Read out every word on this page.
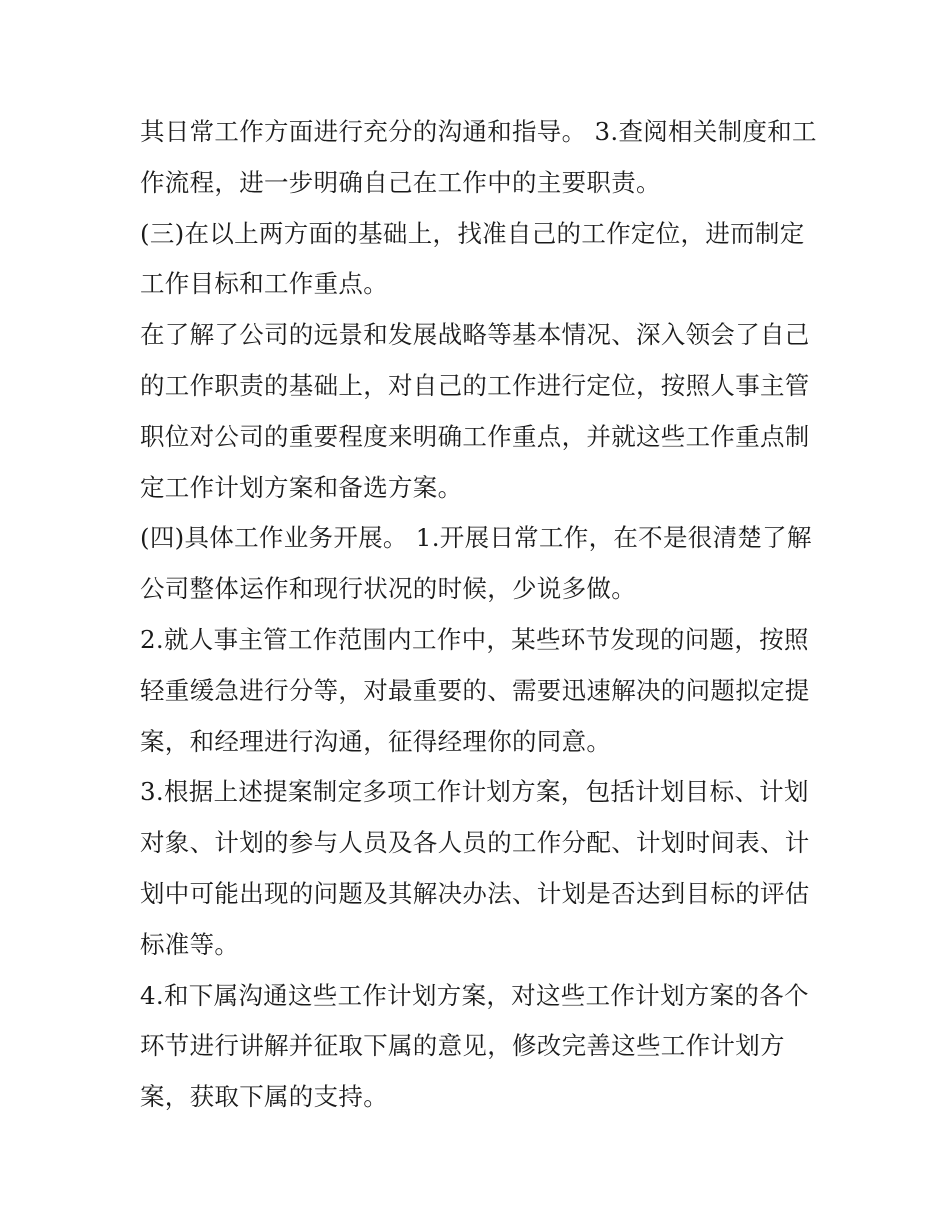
其日常工作方面进行充分的沟通和指导。 3.查阅相关制度和工
作流程，进一步明确自己在工作中的主要职责。
(三)在以上两方面的基础上，找准自己的工作定位，进而制定
工作目标和工作重点。
在了解了公司的远景和发展战略等基本情况、深入领会了自己
的工作职责的基础上，对自己的工作进行定位，按照人事主管
职位对公司的重要程度来明确工作重点，并就这些工作重点制
定工作计划方案和备选方案。
(四)具体工作业务开展。 1.开展日常工作，在不是很清楚了解
公司整体运作和现行状况的时候，少说多做。
2.就人事主管工作范围内工作中，某些环节发现的问题，按照
轻重缓急进行分等，对最重要的、需要迅速解决的问题拟定提
案，和经理进行沟通，征得经理你的同意。
3.根据上述提案制定多项工作计划方案，包括计划目标、计划
对象、计划的参与人员及各人员的工作分配、计划时间表、计
划中可能出现的问题及其解决办法、计划是否达到目标的评估
标准等。
4.和下属沟通这些工作计划方案，对这些工作计划方案的各个
环节进行讲解并征取下属的意见，修改完善这些工作计划方
案，获取下属的支持。
